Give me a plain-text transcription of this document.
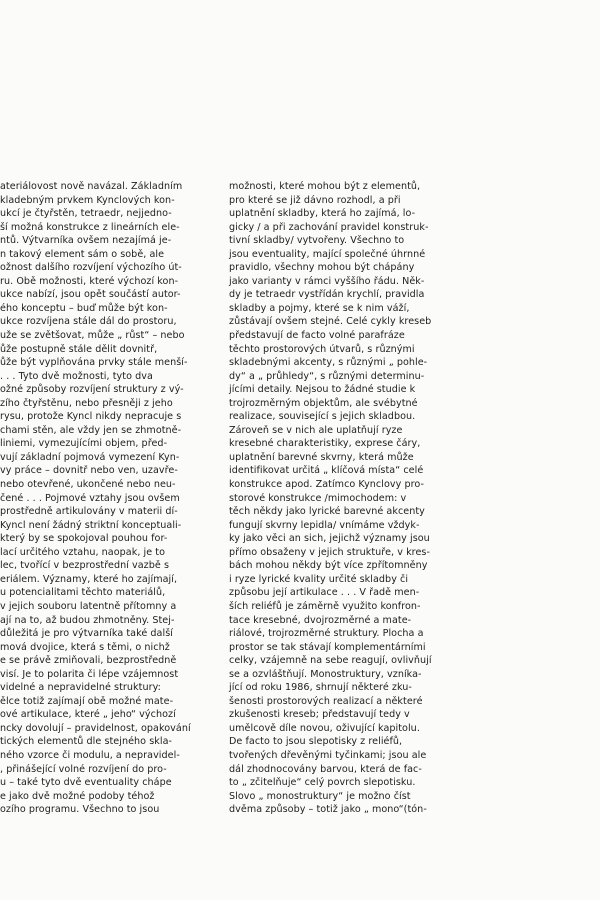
ateriálovost nově navázal. Základním
kladebným prvkem Kynclových kon-
ukcí je čtyřstěn, tetraedr, nejjedno-
ší možná konstrukce z lineárních ele-
ntů. Výtvarníka ovšem nezajímá je-
n takový element sám o sobě, ale
ožnost dalšího rozvíjení výchozího út-
ru. Obě možnosti, které výchozí kon-
ukce nabízí, jsou opět součástí autor-
ého konceptu – buď může být kon-
ukce rozvíjena stále dál do prostoru,
uže se zvětšovat, může „ růst“ – nebo
ůže postupně stále dělit dovnitř,
ůže být vyplňována prvky stále menší-
. . . Tyto dvě možnosti, tyto dva
ožné způsoby rozvíjení struktury z vý-
zího čtyřstěnu, nebo přesněji z jeho
rysu, protože Kyncl nikdy nepracuje s
chami stěn, ale vždy jen se zhmotně-
liniemi, vymezujícími objem, před-
vují základní pojmová vymezení Kyn-
vy práce – dovnitř nebo ven, uzavře-
nebo otevřené, ukončené nebo neu-
čené . . . Pojmové vztahy jsou ovšem
prostředně artikulovány v materii dí-
Kyncl není žádný striktní konceptuali-
který by se spokojoval pouhou for-
lací určitého vztahu, naopak, je to
lec, tvořící v bezprostřední vazbě s
eriálem. Významy, které ho zajímají,
u potencialitami těchto materiálů,
v jejich souboru latentně přítomny a
ají na to, až budou zhmotněny. Stej-
důležitá je pro výtvarníka také další
mová dvojice, která s těmi, o nichž
e se právě zmiňovali, bezprostředně
visí. Je to polarita či lépe vzájemnost
videlné a nepravidelné struktury:
ělce totiž zajímají obě možné mate-
ové artikulace, které „ jeho“ výchozí
ncky dovolují – pravidelnost, opakování
tických elementů dle stejného skla-
ného vzorce či modulu, a nepravidel-
, přinášející volné rozvíjení do pro-
u – také tyto dvě eventuality chápe
e jako dvě možné podoby téhož
ozího programu. Všechno to jsou
možnosti, které mohou být z elementů,
pro které se již dávno rozhodl, a při
uplatnění skladby, která ho zajímá, lo-
gicky / a při zachování pravidel konstruk-
tivní skladby/ vytvořeny. Všechno to
jsou eventuality, mající společné úhrnné
pravidlo, všechny mohou být chápány
jako varianty v rámci vyššího řádu. Něk-
dy je tetraedr vystřídán krychlí, pravidla
skladby a pojmy, které se k nim váží,
zůstávají ovšem stejné. Celé cykly kreseb
představují de facto volné parafráze
těchto prostorových útvarů, s různými
skladebnými akcenty, s různými „ pohle-
dy“ a „ průhledy“, s různými determinu-
jícími detaily. Nejsou to žádné studie k
trojrozměrným objektům, ale svébytné
realizace, související s jejich skladbou.
Zároveň se v nich ale uplatňují ryze
kresebné charakteristiky, exprese čáry,
uplatnění barevné skvrny, která může
identifikovat určitá „ klíčová místa“ celé
konstrukce apod. Zatímco Kynclovy pro-
storové konstrukce /mimochodem: v
těch někdy jako lyrické barevné akcenty
fungují skvrny lepidla/ vnímáme vždyk-
ky jako věci an sich, jejichž významy jsou
přímo obsaženy v jejich struktuře, v kres-
bách mohou někdy být více zpřítomněny
i ryze lyrické kvality určité skladby či
způsobu její artikulace . . . V řadě men-
ších reliéfů je záměrně využito konfron-
tace kresebné, dvojrozměrné a mate-
riálové, trojrozměrné struktury. Plocha a
prostor se tak stávají komplementárními
celky, vzájemně na sebe reagují, ovlivňují
se a ozvláštňují. Monostruktury, vzníka-
jící od roku 1986, shrnují některé zku-
šenosti prostorových realizací a některé
zkušenosti kreseb; představují tedy v
umělcově díle novou, oživující kapitolu.
De facto to jsou slepotisky z reliéfů,
tvořených dřevěnými tyčinkami; jsou ale
dál zhodnocovány barvou, která de fac-
to „ zčitelňuje“ celý povrch slepotisku.
Slovo „ monostruktury“ je možno číst
dvěma způsoby – totiž jako „ mono“(tón-
